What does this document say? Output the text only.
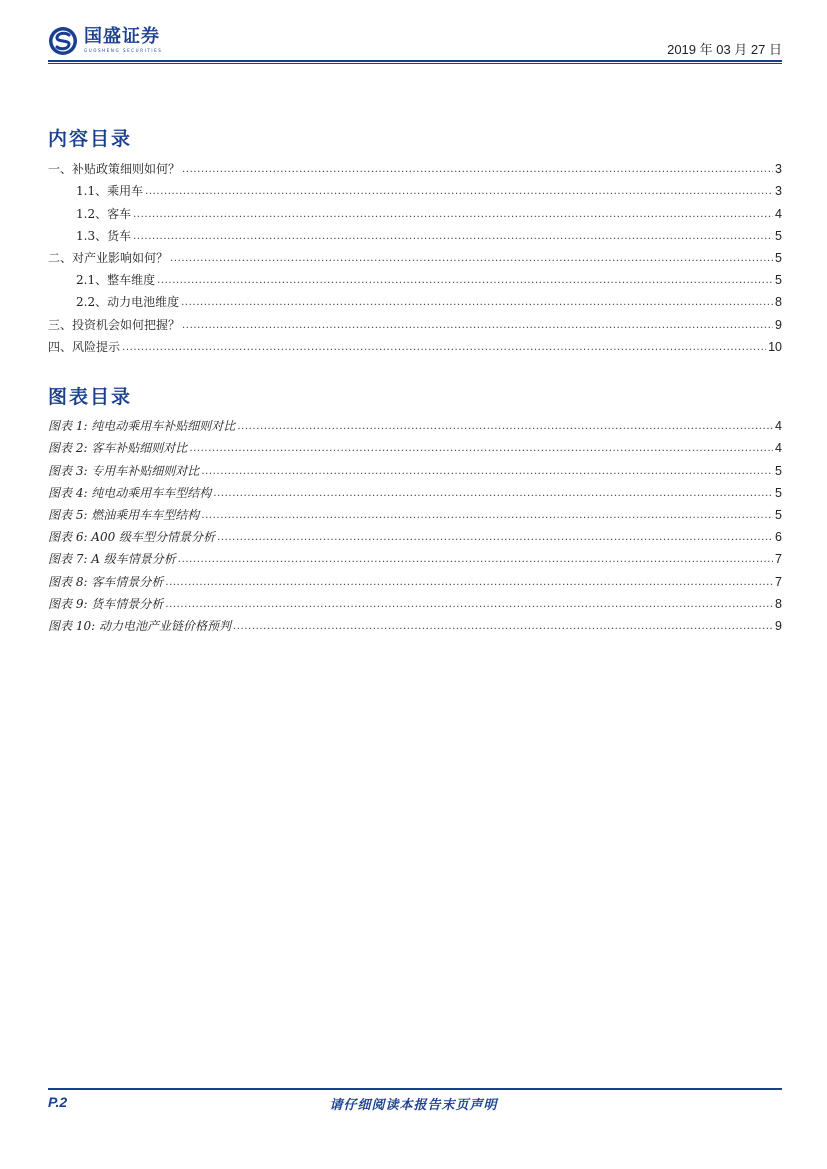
国盛证券
GUOSHENG SECURITIES	2019 年 03 月 27 日
内容目录
一、补贴政策细则如何？ .....	3
1.1、乘用车 .....	3
1.2、客车 .....	4
1.3、货车 .....	5
二、对产业影响如何？ .....	5
2.1、整车维度 .....	5
2.2、动力电池维度 .....	8
三、投资机会如何把握？ .....	9
四、风险提示 .....	10
图表目录
图表 1: 纯电动乘用车补贴细则对比 .....	4
图表 2: 客车补贴细则对比 .....	4
图表 3: 专用车补贴细则对比 .....	5
图表 4: 纯电动乘用车车型结构 .....	5
图表 5: 燃油乘用车车型结构 .....	5
图表 6: A00 级车型分情景分析 .....	6
图表 7: A 级车情景分析 .....	7
图表 8: 客车情景分析 .....	7
图表 9: 货车情景分析 .....	8
图表 10: 动力电池产业链价格预判 .....	9
P.2	请仔细阅读本报告末页声明
